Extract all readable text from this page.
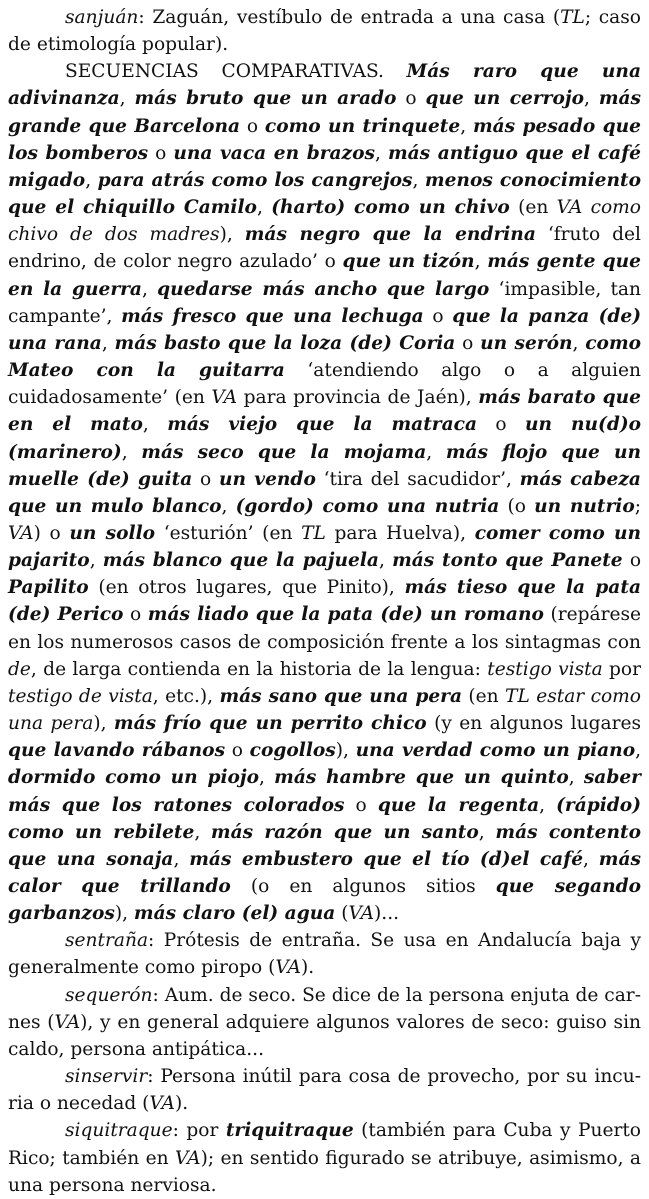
sanjuán: Zaguán, vestíbulo de entrada a una casa (TL; caso de etimología popular).

SECUENCIAS COMPARATIVAS. Más raro que una adivinanza, más bruto que un arado o que un cerrojo, más grande que Barcelona o como un trinquete, más pesado que los bomberos o una vaca en brazos, más antiguo que el café migado, para atrás como los cangrejos, menos conocimiento que el chiquillo Camilo, (harto) como un chivo (en VA como chivo de dos madres), más negro que la endrina ‘fruto del endrino, de color negro azulado’ o que un tizón, más gente que en la guerra, quedarse más ancho que largo ‘impasible, tan campante’, más fresco que una lechuga o que la panza (de) una rana, más basto que la loza (de) Coria o un serón, como Mateo con la guitarra ‘atendiendo algo o a alguien cuidadosamente’ (en VA para provincia de Jaén), más barato que en el mato, más viejo que la matraca o un nu(d)o (marinero), más seco que la mojama, más flojo que un muelle (de) guita o un vendo ‘tira del sacudidor’, más cabeza que un mulo blanco, (gordo) como una nutria (o un nutrio; VA) o un sollo ‘esturión’ (en TL para Huelva), comer como un pajarito, más blanco que la pajuela, más tonto que Panete o Papilito (en otros lugares, que Pinito), más tieso que la pata (de) Perico o más liado que la pata (de) un romano (repárese en los numerosos casos de composición frente a los sintagmas con de, de larga contienda en la historia de la lengua: testigo vista por testigo de vista, etc.), más sano que una pera (en TL estar como una pera), más frío que un perrito chico (y en algunos lugares que lavando rábanos o cogollos), una verdad como un piano, dormido como un piojo, más hambre que un quinto, saber más que los ratones colorados o que la regenta, (rápido) como un rebilete, más razón que un santo, más contento que una sonaja, más embustero que el tío (d)el café, más calor que trillando (o en algunos sitios que segando garbanzos), más claro (el) agua (VA)...

sentraña: Prótesis de entraña. Se usa en Andalucía baja y generalmente como piropo (VA).

sequerón: Aum. de seco. Se dice de la persona enjuta de carnes (VA), y en general adquiere algunos valores de seco: guiso sin caldo, persona antipática...

sinservir: Persona inútil para cosa de provecho, por su incuria o necedad (VA).

siquitraque: por triquitraque (también para Cuba y Puerto Rico; también en VA); en sentido figurado se atribuye, asimismo, a una persona nerviosa.
